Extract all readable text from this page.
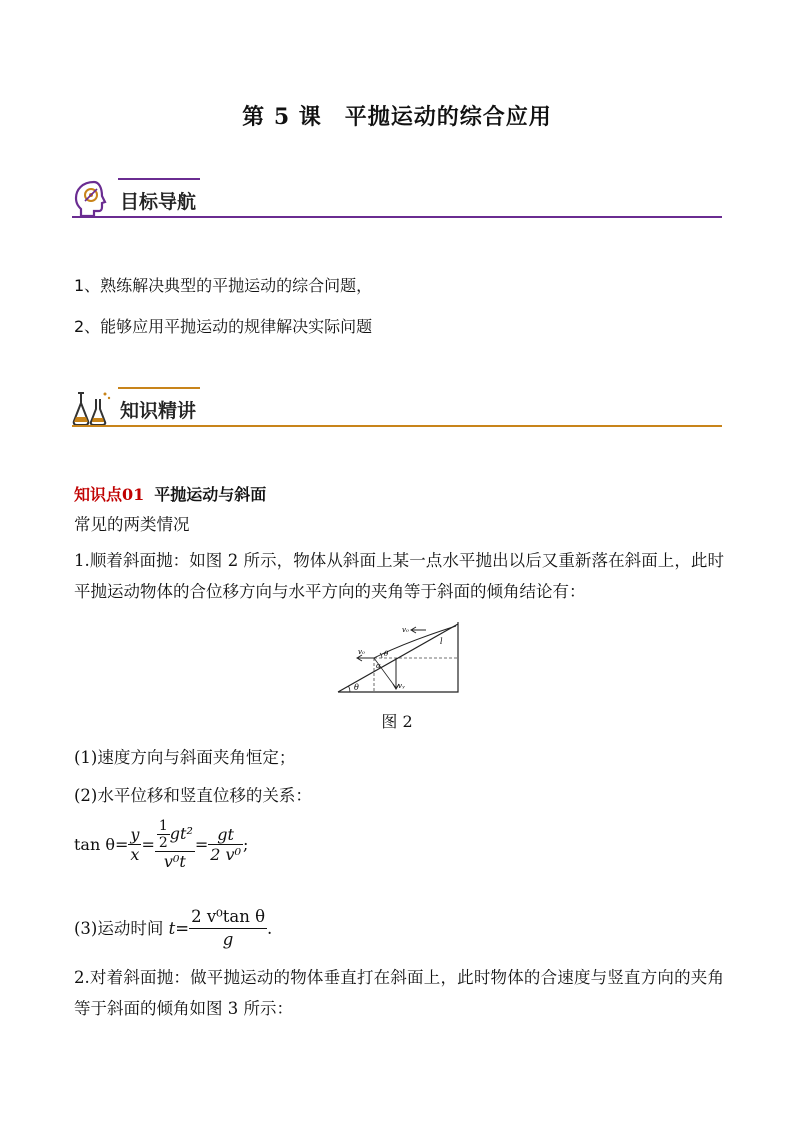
第 5 课　平抛运动的综合应用
目标导航
1、熟练解决典型的平抛运动的综合问题，
2、能够应用平抛运动的规律解决实际问题
知识精讲
知识点01 平抛运动与斜面
常见的两类情况
1.顺着斜面抛：如图 2 所示，物体从斜面上某一点水平抛出以后又重新落在斜面上，此时平抛运动物体的合位移方向与水平方向的夹角等于斜面的倾角结论有：
v₀
v₀
vᵧ
θ
θ
α
l
图 2
(1)速度方向与斜面夹角恒定；
(2)水平位移和竖直位移的关系：
$\tan \theta= \frac{y}{x} = \frac{\frac{1}{2} gt^2}{\text{v⁰t}} = \frac{gt}{\text{2 v⁰}}$ ;
(3)运动时间 $t= \frac{\text{2 v⁰tan θ}}{g}$ .
2.对着斜面抛：做平抛运动的物体垂直打在斜面上，此时物体的合速度与竖直方向的夹角等于斜面的倾角如图 3 所示：
